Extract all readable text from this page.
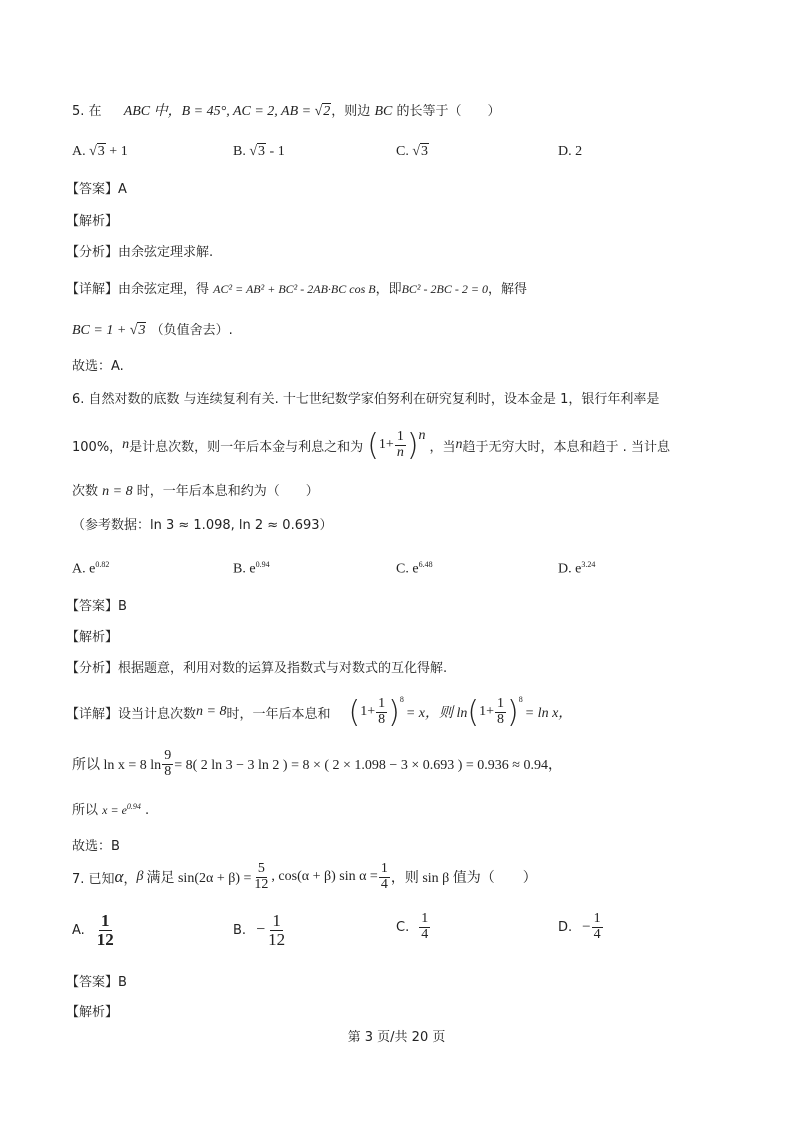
5. 在 ABC 中，B = 45°, AC = 2, AB = √2，则边 BC 的长等于（　　）
A. √3 + 1	B. √3 - 1	C. √3	D. 2
【答案】A
【解析】
【分析】由余弦定理求解.
【详解】由余弦定理，得 AC² = AB² + BC² - 2AB·BC cos B，即BC² - 2BC - 2 = 0，解得
BC = 1 + √3 （负值舍去）.
故选：A.
6. 自然对数的底数 与连续复利有关. 十七世纪数学家伯努利在研究复利时，设本金是 1，银行年利率是
100%， n 是计息次数，则一年后本金与利息之和为 ( $1+ \frac{1}{n}$ ) n
，当 n 趋于无穷大时，本息和趋于 . 当计息
次数 n = 8 时，一年后本息和约为（　　）
（参考数据：ln 3 ≈ 1.098, ln 2 ≈ 0.693）
A. $e^{0.82}$	B. $e^{0.94}$	C. $e^{6.48}$	D. $e^{3.24}$
【答案】B
【解析】
【分析】根据题意，利用对数的运算及指数式与对数式的互化得解.
【详解】设当计息次数 n = 8 时，一年后本息和 ( $1+ \frac{1}{8} )^8$
= x，则 ln ( $1+ \frac{1}{8} )^8$
= ln x，
所以 ln x = 8 $\ln \frac{9}{8} = 8$( 2 ln 3 − 3 ln 2 ) = 8 × ( 2 × 1.098 − 3 × 0.693 ) = 0.936 ≈ 0.94，
所以 $x = e^{0.94}$ .
故选：B
7. 已知 α ， β 满足 $\sin(2\alpha + \beta) = \frac{5}{12}$ , cos(α + β) $\sin \alpha = \frac{1}{4}$ ，则 sin β 值为（　　）
A. $\frac{1}{12}$	B. − $\frac{1}{12}$	C. $\frac{1}{4}$	D. − $\frac{1}{4}$
【答案】B
【解析】
第 3 页/共 20 页
